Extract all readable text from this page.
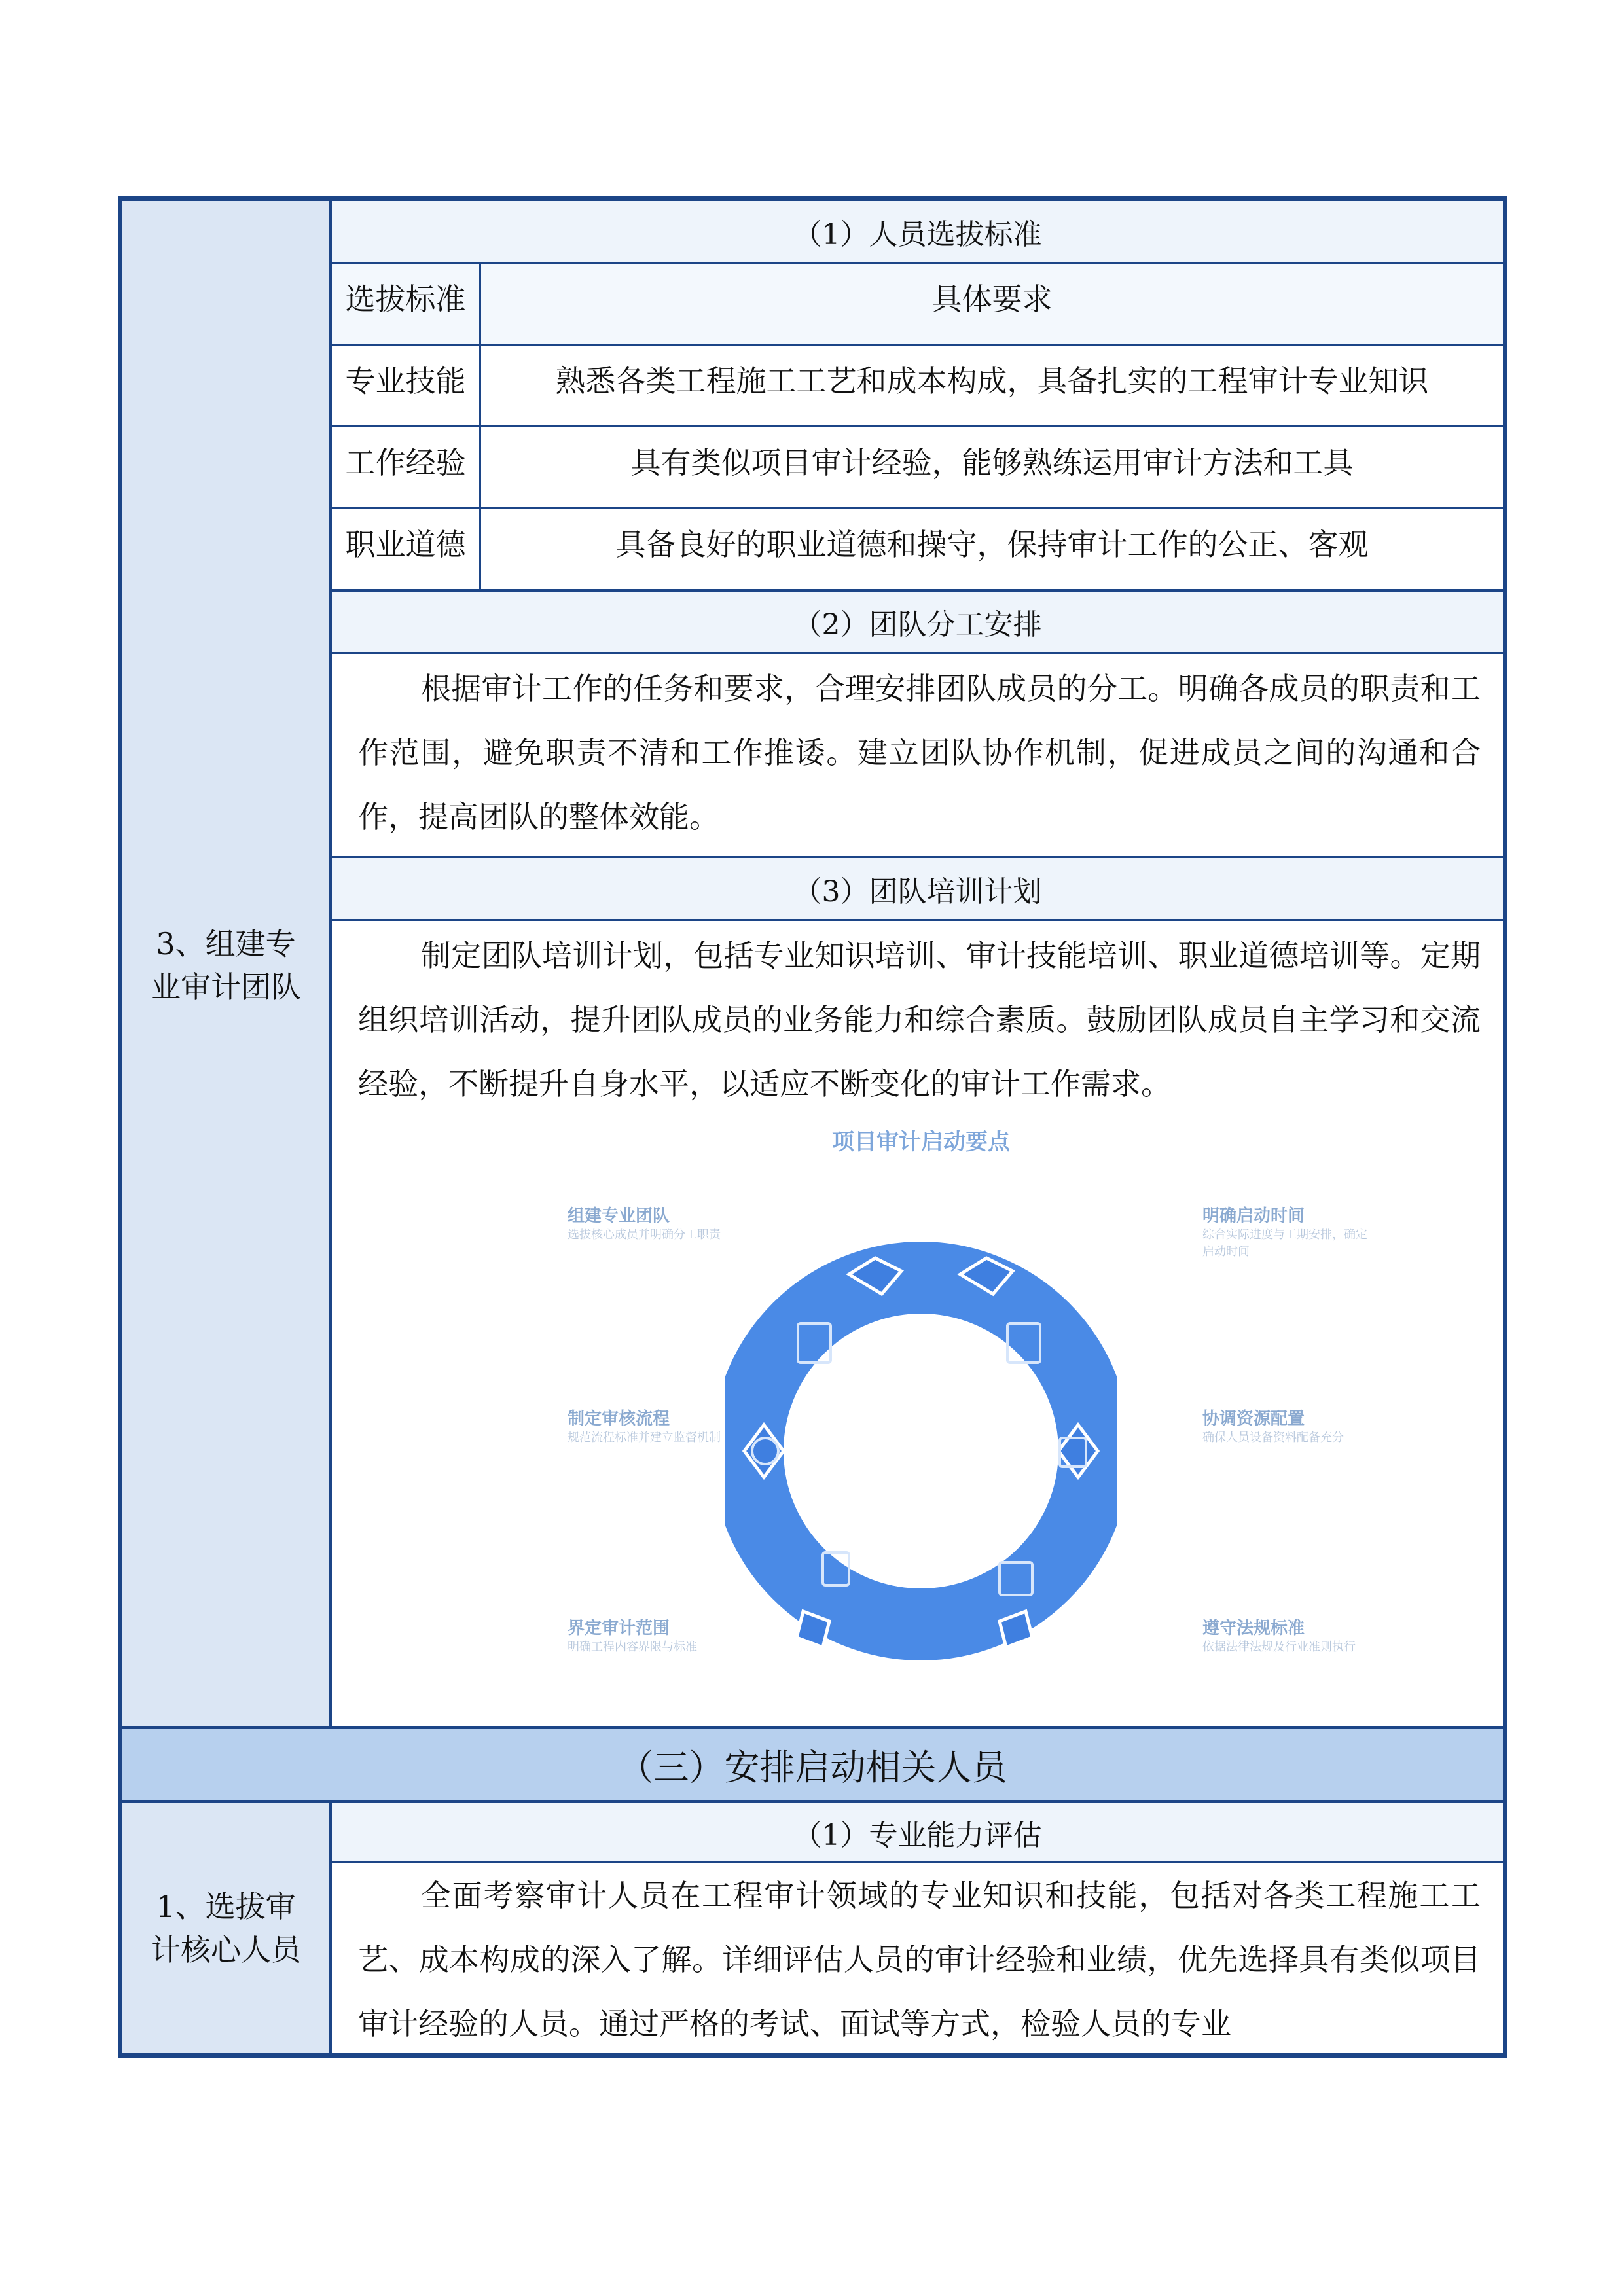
3、组建专业审计团队
（1）人员选拔标准
选拔标准	具体要求
专业技能	熟悉各类工程施工工艺和成本构成，具备扎实的工程审计专业知识
工作经验	具有类似项目审计经验，能够熟练运用审计方法和工具
职业道德	具备良好的职业道德和操守，保持审计工作的公正、客观
（2）团队分工安排
根据审计工作的任务和要求，合理安排团队成员的分工。明确各成员的职责和工作范围，避免职责不清和工作推诿。建立团队协作机制，促进成员之间的沟通和合作，提高团队的整体效能。
（3）团队培训计划
制定团队培训计划，包括专业知识培训、审计技能培训、职业道德培训等。定期组织培训活动，提升团队成员的业务能力和综合素质。鼓励团队成员自主学习和交流经验，不断提升自身水平，以适应不断变化的审计工作需求。
项目审计启动要点
组建专业团队
选拔核心成员并明确分工职责
明确启动时间
综合实际进度与工期安排，确定启动时间
制定审核流程
规范流程标准并建立监督机制
协调资源配置
确保人员设备资料配备充分
界定审计范围
明确工程内容界限与标准
遵守法规标准
依据法律法规及行业准则执行
（三）安排启动相关人员
1、选拔审计核心人员
（1）专业能力评估
全面考察审计人员在工程审计领域的专业知识和技能，包括对各类工程施工工艺、成本构成的深入了解。详细评估人员的审计经验和业绩，优先选择具有类似项目审计经验的人员。通过严格的考试、面试等方式，检验人员的专业
